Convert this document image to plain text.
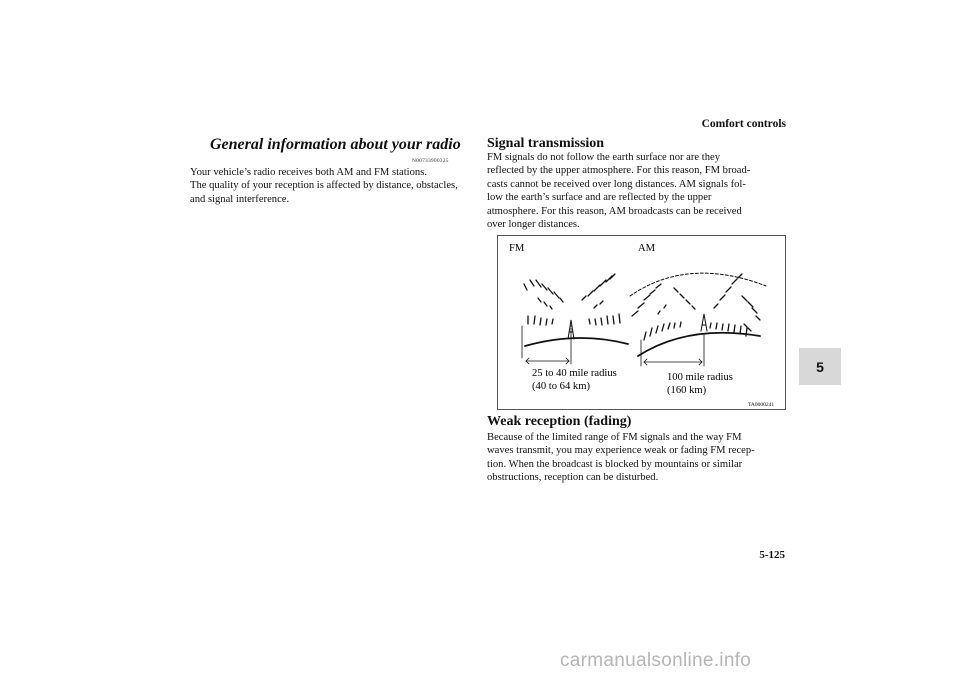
Comfort controls
General information about your radio
N00733900325
Your vehicle’s radio receives both AM and FM stations.
The quality of your reception is affected by distance, obstacles,
and signal interference.
Signal transmission
FM signals do not follow the earth surface nor are they
reflected by the upper atmosphere. For this reason, FM broad-
casts cannot be received over long distances. AM signals fol-
low the earth’s surface and are reflected by the upper
atmosphere. For this reason, AM broadcasts can be received
over longer distances.
FM	AM
25 to 40 mile radius
(40 to 64 km)
100 mile radius
(160 km)
TA0000241
Weak reception (fading)
Because of the limited range of FM signals and the way FM
waves transmit, you may experience weak or fading FM recep-
tion. When the broadcast is blocked by mountains or similar
obstructions, reception can be disturbed.
5
5-125
carmanualsonline.info
